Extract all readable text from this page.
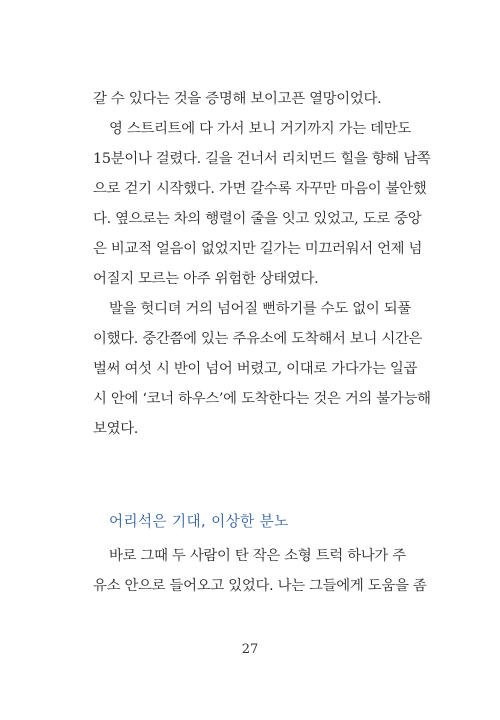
갈 수 있다는 것을 증명해 보이고픈 열망이었다.
영 스트리트에 다 가서 보니 거기까지 가는 데만도
15분이나 걸렸다. 길을 건너서 리치먼드 힐을 향해 남쪽
으로 걷기 시작했다. 가면 갈수록 자꾸만 마음이 불안했
다. 옆으로는 차의 행렬이 줄을 잇고 있었고, 도로 중앙
은 비교적 얼음이 없었지만 길가는 미끄러워서 언제 넘
어질지 모르는 아주 위험한 상태였다.
발을 헛디뎌 거의 넘어질 뻔하기를 수도 없이 되풀
이했다. 중간쯤에 있는 주유소에 도착해서 보니 시간은
벌써 여섯 시 반이 넘어 버렸고, 이대로 가다가는 일곱
시 안에 ‘코너 하우스’에 도착한다는 것은 거의 불가능해
보였다.
어리석은 기대, 이상한 분노
바로 그때 두 사람이 탄 작은 소형 트럭 하나가 주
유소 안으로 들어오고 있었다. 나는 그들에게 도움을 좀
27
